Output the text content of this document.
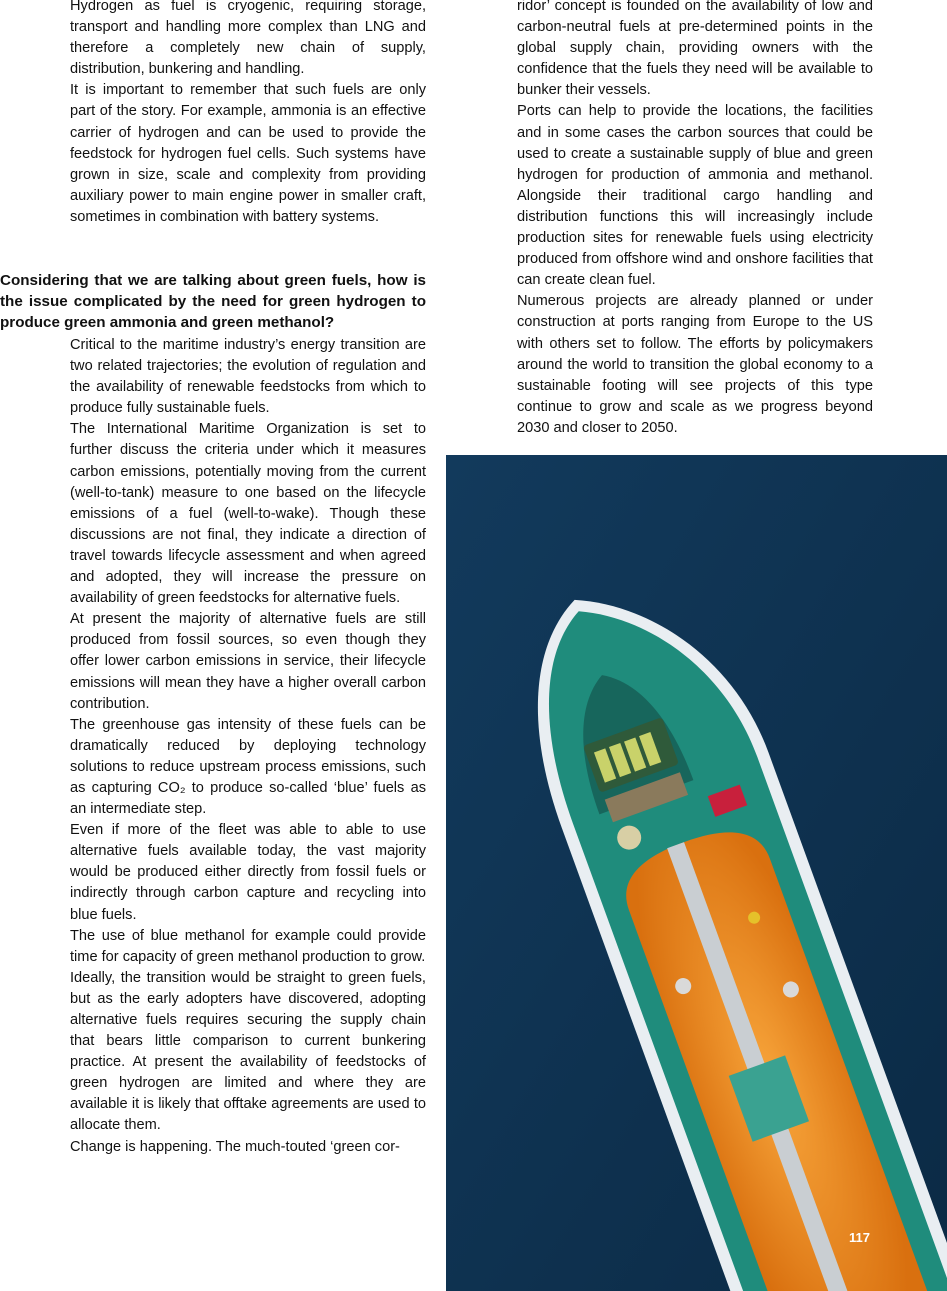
Hydrogen as fuel is cryogenic, requiring storage, transport and handling more complex than LNG and therefore a completely new chain of supply, distribution, bunkering and handling.

It is important to remember that such fuels are only part of the story. For example, ammonia is an effective carrier of hydrogen and can be used to provide the feedstock for hydrogen fuel cells. Such systems have grown in size, scale and complexity from providing auxiliary power to main engine power in smaller craft, sometimes in combination with battery systems.

Considering that we are talking about green fuels, how is the issue complicated by the need for green hydrogen to produce green ammonia and green methanol?

Critical to the maritime industry’s energy transition are two related trajectories; the evolution of regulation and the availability of renewable feedstocks from which to produce fully sustainable fuels.

The International Maritime Organization is set to further discuss the criteria under which it measures carbon emissions, potentially moving from the current (well-to-tank) measure to one based on the lifecycle emissions of a fuel (well-to-wake). Though these discussions are not final, they indicate a direction of travel towards lifecycle assessment and when agreed and adopted, they will increase the pressure on availability of green feedstocks for alternative fuels.

At present the majority of alternative fuels are still produced from fossil sources, so even though they offer lower carbon emissions in service, their lifecycle emissions will mean they have a higher overall carbon contribution.

The greenhouse gas intensity of these fuels can be dramatically reduced by deploying technology solutions to reduce upstream process emissions, such as capturing CO₂ to produce so-called ‘blue’ fuels as an intermediate step.

Even if more of the fleet was able to able to use alternative fuels available today, the vast majority would be produced either directly from fossil fuels or indirectly through carbon capture and recycling into blue fuels.

The use of blue methanol for example could provide time for capacity of green methanol production to grow.

Ideally, the transition would be straight to green fuels, but as the early adopters have discovered, adopting alternative fuels requires securing the supply chain that bears little comparison to current bunkering practice. At present the availability of feedstocks of green hydrogen are limited and where they are available it is likely that offtake agreements are used to allocate them.

Change is happening. The much-touted ‘green cor-

ridor’ concept is founded on the availability of low and carbon-neutral fuels at pre-determined points in the global supply chain, providing owners with the confidence that the fuels they need will be available to bunker their vessels.

Ports can help to provide the locations, the facilities and in some cases the carbon sources that could be used to create a sustainable supply of blue and green hydrogen for production of ammonia and methanol. Alongside their traditional cargo handling and distribution functions this will increasingly include production sites for renewable fuels using electricity produced from offshore wind and onshore facilities that can create clean fuel.

Numerous projects are already planned or under construction at ports ranging from Europe to the US with others set to follow. The efforts by policymakers around the world to transition the global economy to a sustainable footing will see projects of this type continue to grow and scale as we progress beyond 2030 and closer to 2050.

117
